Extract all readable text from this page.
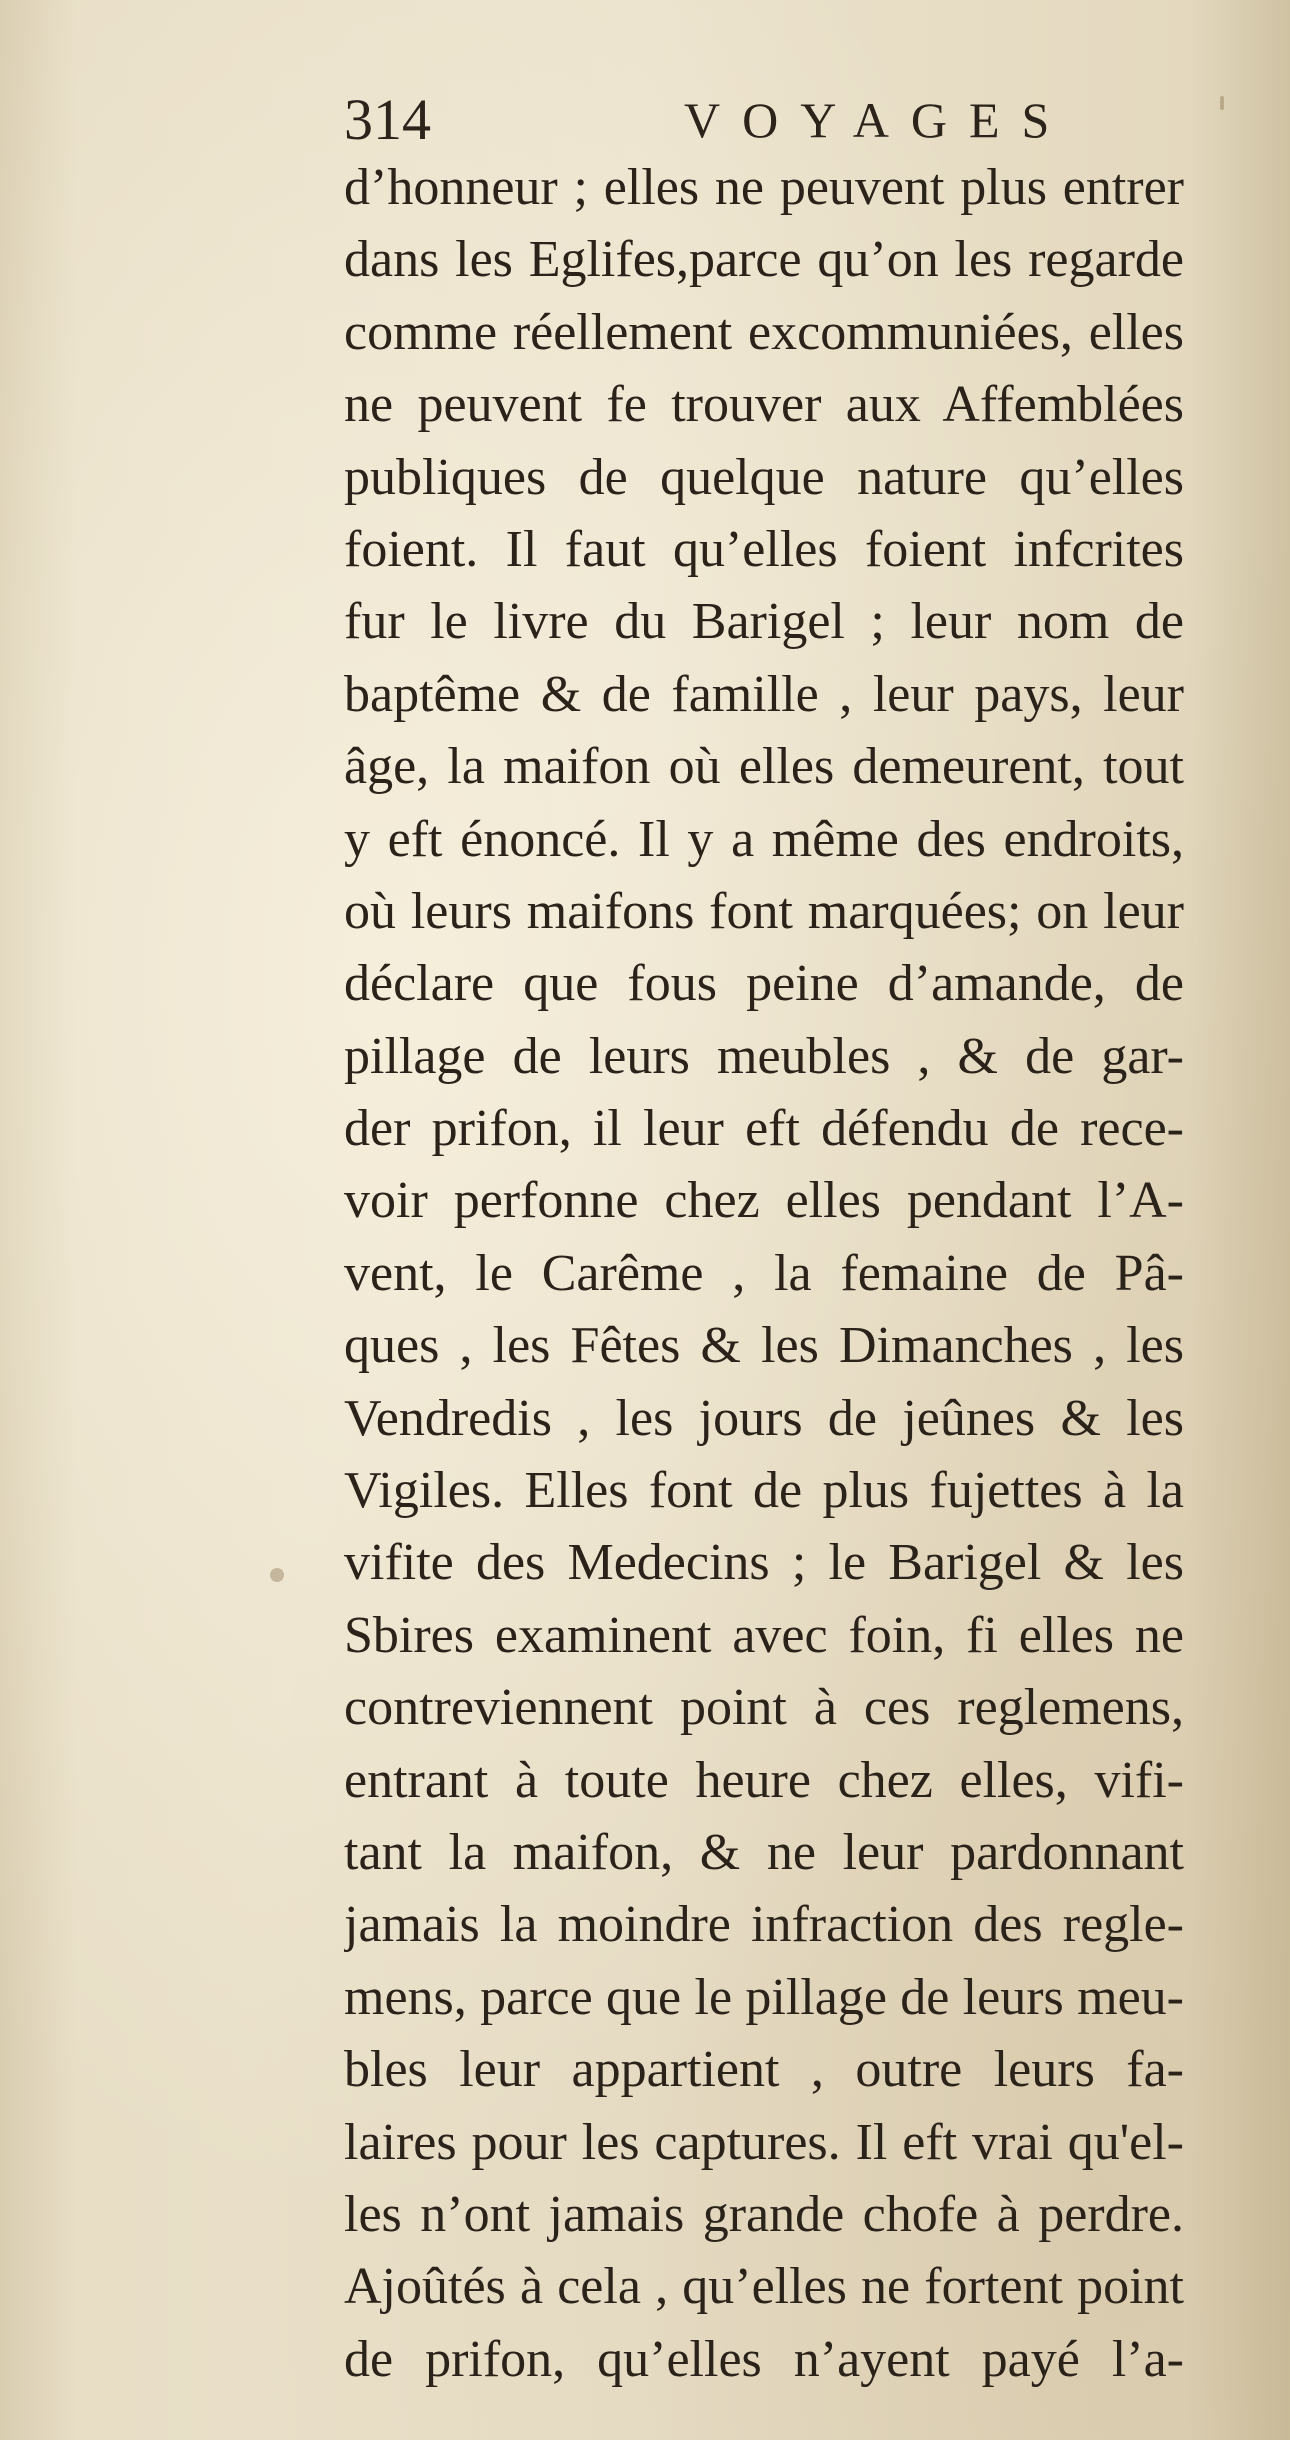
314	VOYAGES
d’honneur ; elles ne peuvent plus entrer
dans les Eglifes,parce qu’on les regarde
comme réellement excommuniées, elles
ne peuvent fe trouver aux Affemblées
publiques de quelque nature qu’elles
foient. Il faut qu’elles foient infcrites
fur le livre du Barigel ; leur nom de
baptême & de famille , leur pays, leur
âge, la maifon où elles demeurent, tout
y eft énoncé. Il y a même des endroits,
où leurs maifons font marquées; on leur
déclare que fous peine d’amande, de
pillage de leurs meubles , & de gar-
der prifon, il leur eft défendu de rece-
voir perfonne chez elles pendant l’A-
vent, le Carême , la femaine de Pâ-
ques , les Fêtes & les Dimanches , les
Vendredis , les jours de jeûnes & les
Vigiles. Elles font de plus fujettes à la
vifite des Medecins ; le Barigel & les
Sbires examinent avec foin, fi elles ne
contreviennent point à ces reglemens,
entrant à toute heure chez elles, vifi-
tant la maifon, & ne leur pardonnant
jamais la moindre infraction des regle-
mens, parce que le pillage de leurs meu-
bles leur appartient , outre leurs fa-
laires pour les captures. Il eft vrai qu'el-
les n’ont jamais grande chofe à perdre.
Ajoûtés à cela , qu’elles ne fortent point
de prifon, qu’elles n’ayent payé l’a-
